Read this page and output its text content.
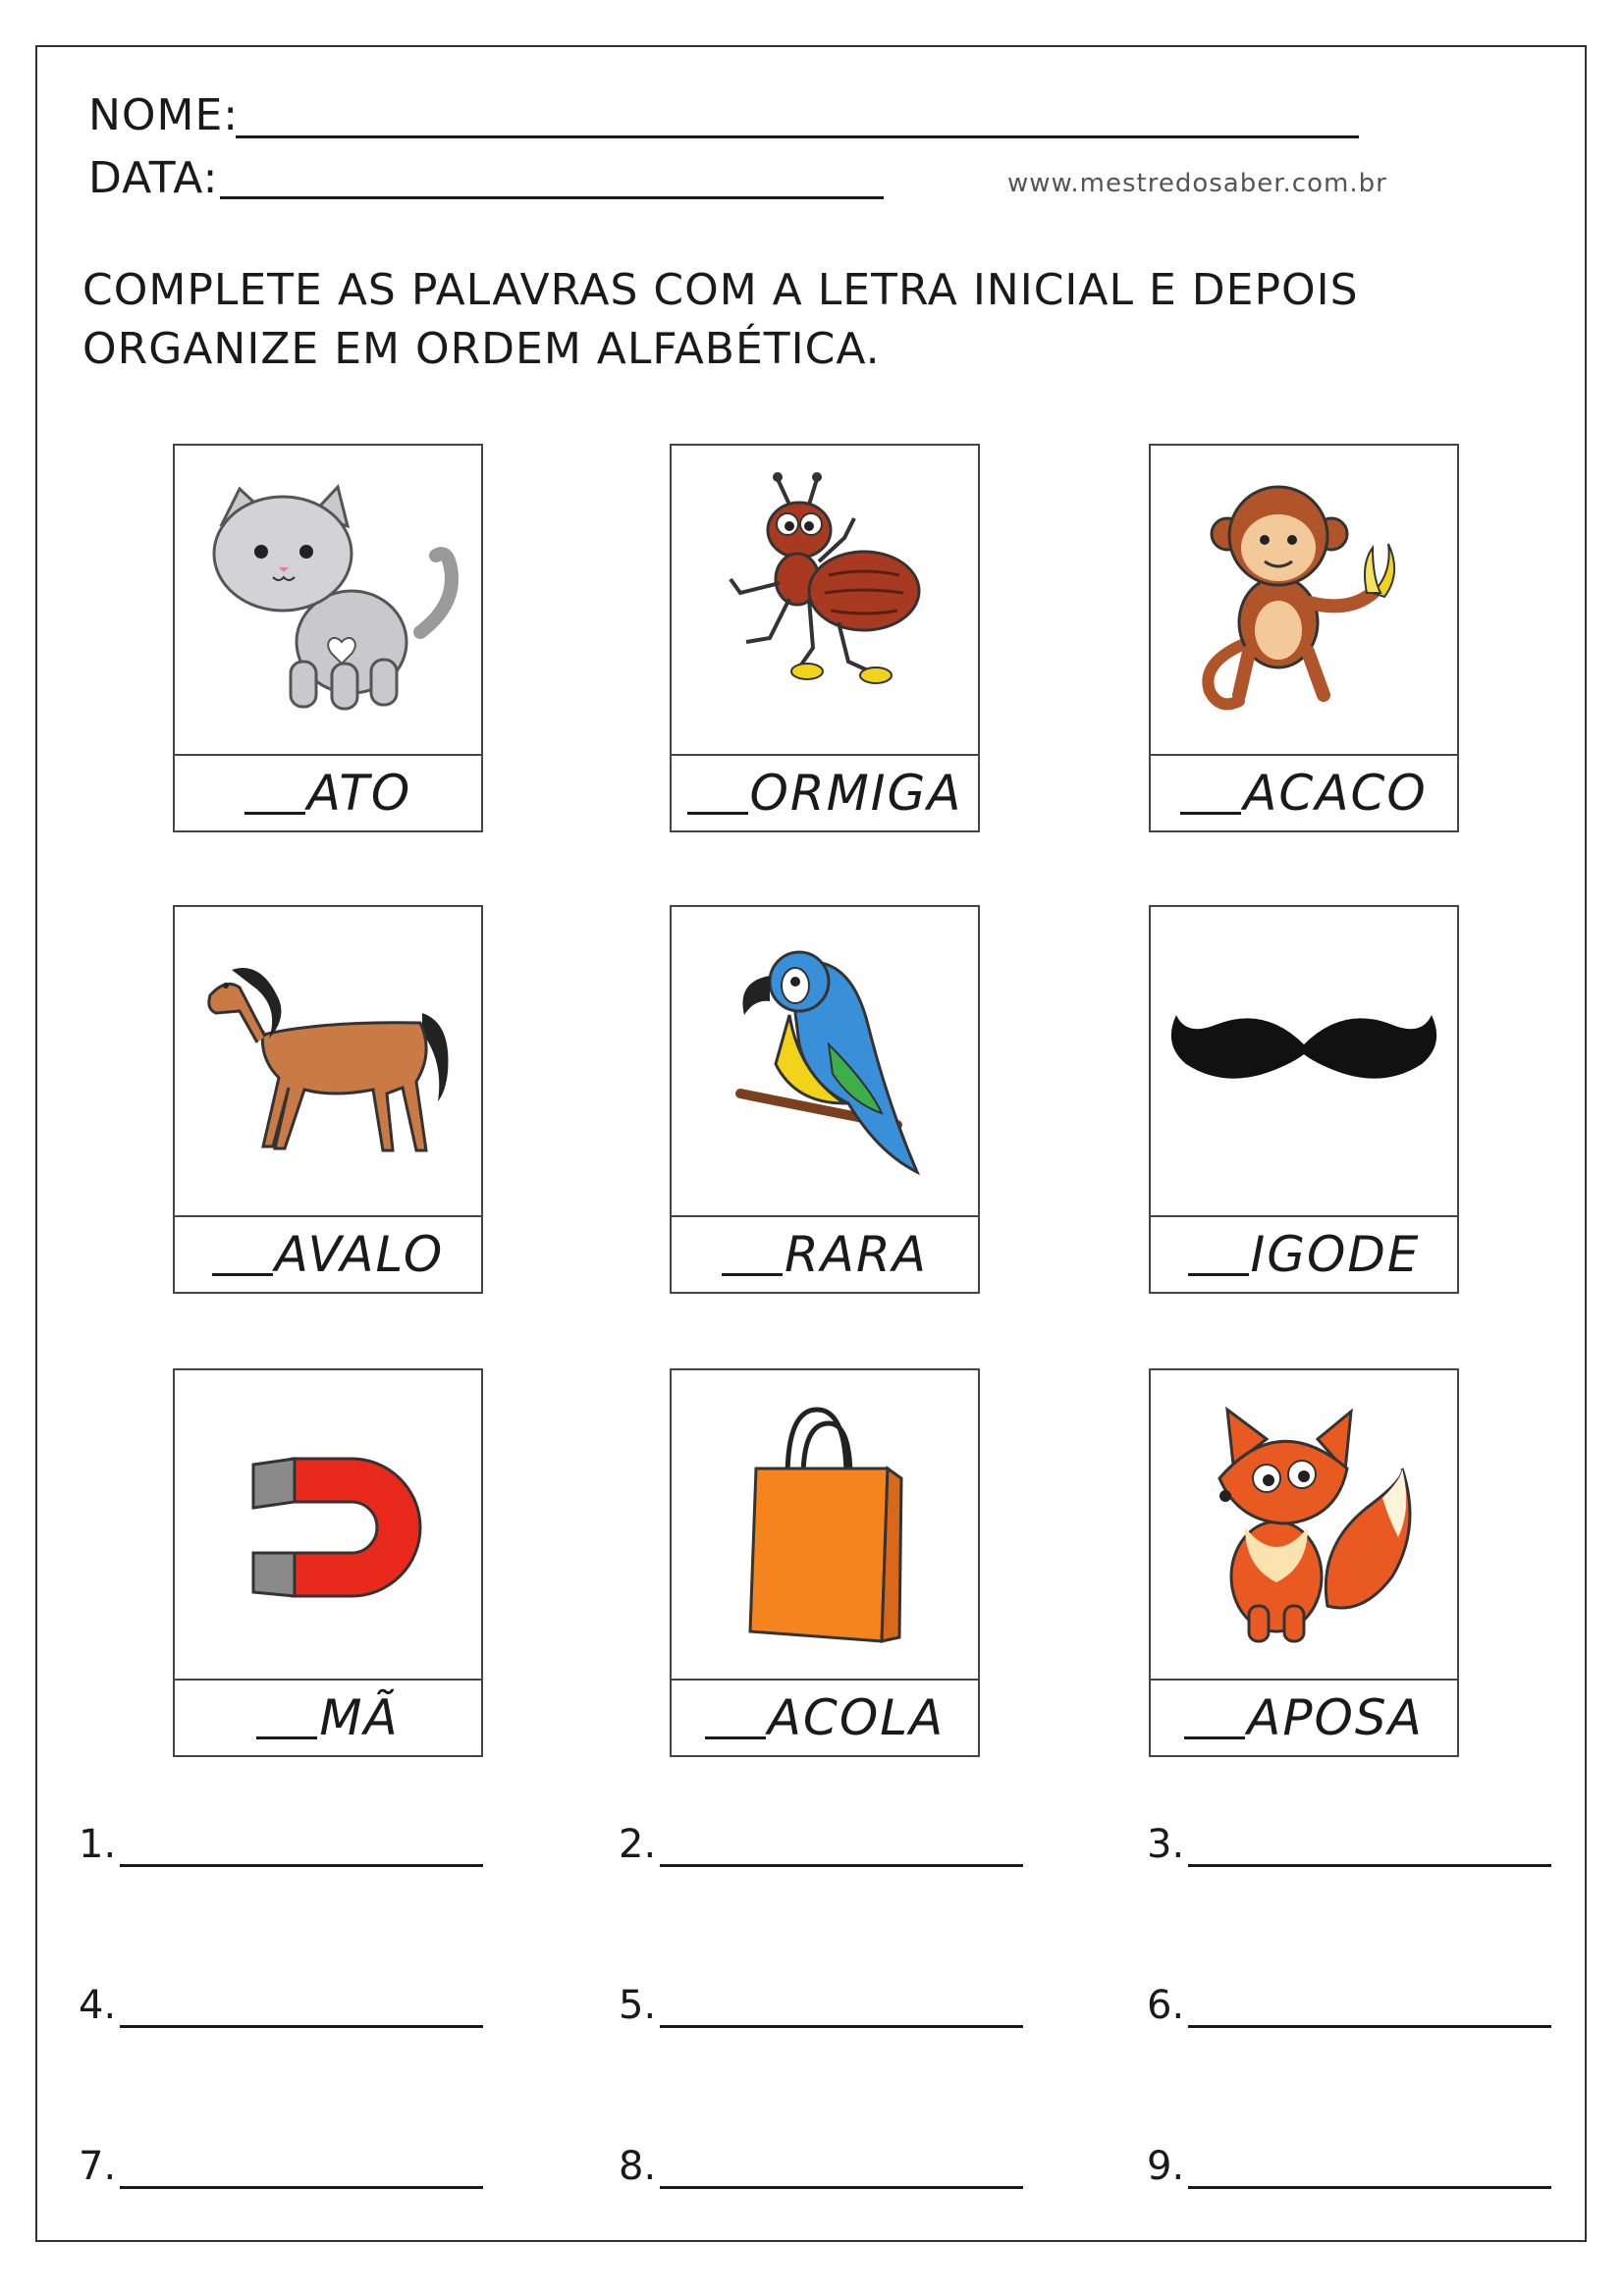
NOME:
DATA:	www.mestredosaber.com.br
COMPLETE AS PALAVRAS COM A LETRA INICIAL E DEPOIS
ORGANIZE EM ORDEM ALFABÉTICA.
ATO	ORMIGA	ACACO
AVALO	RARA	IGODE
MÃ	ACOLA	APOSA
1.	2.	3.
4.	5.	6.
7.	8.	9.
